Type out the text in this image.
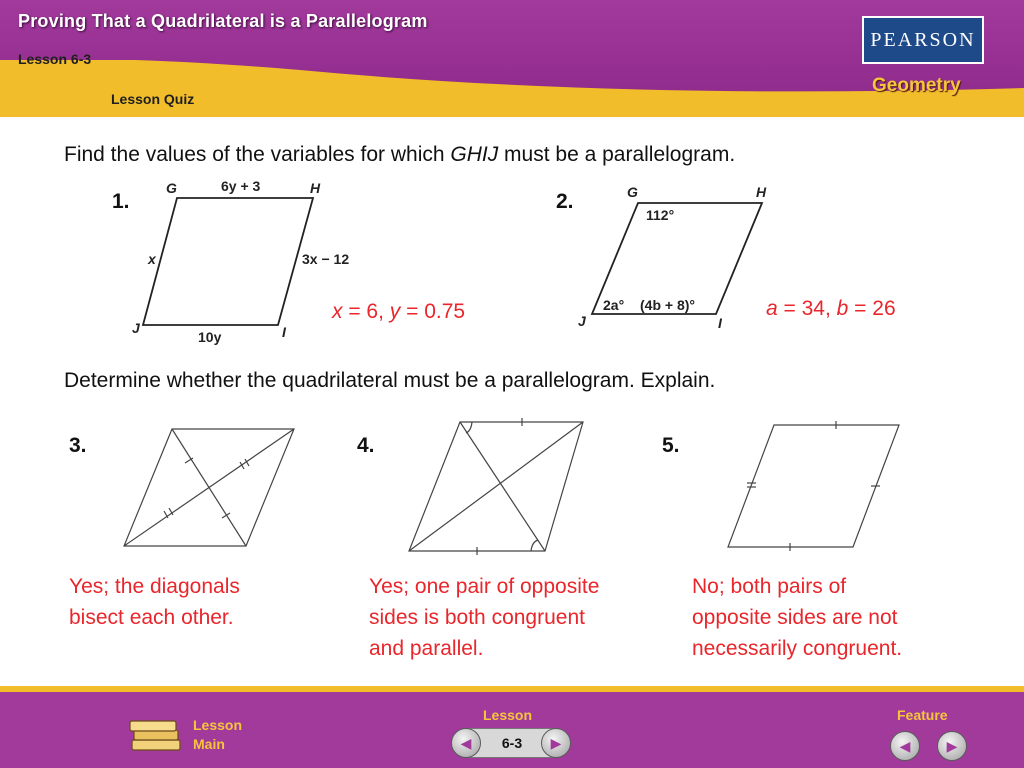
Proving That a Quadrilateral is a Parallelogram
Lesson 6-3
Lesson Quiz
PEARSON
Geometry
Find the values of the variables for which GHIJ must be a parallelogram.
1.
G	H
I
J
6y + 3
x	3x − 12
10y
x = 6, y = 0.75
2.	G	H
I
J
112°
2a° (4b + 8)°	a = 34, b = 26
Determine whether the quadrilateral must be a parallelogram. Explain.
3.
Yes; the diagonals
bisect each other.
4.
Yes; one pair of opposite
sides is both congruent
and parallel.
5.
No; both pairs of
opposite sides are not
necessarily congruent.
Lesson
Main
Lesson
◀	6-3	▶
Feature
◀	▶
